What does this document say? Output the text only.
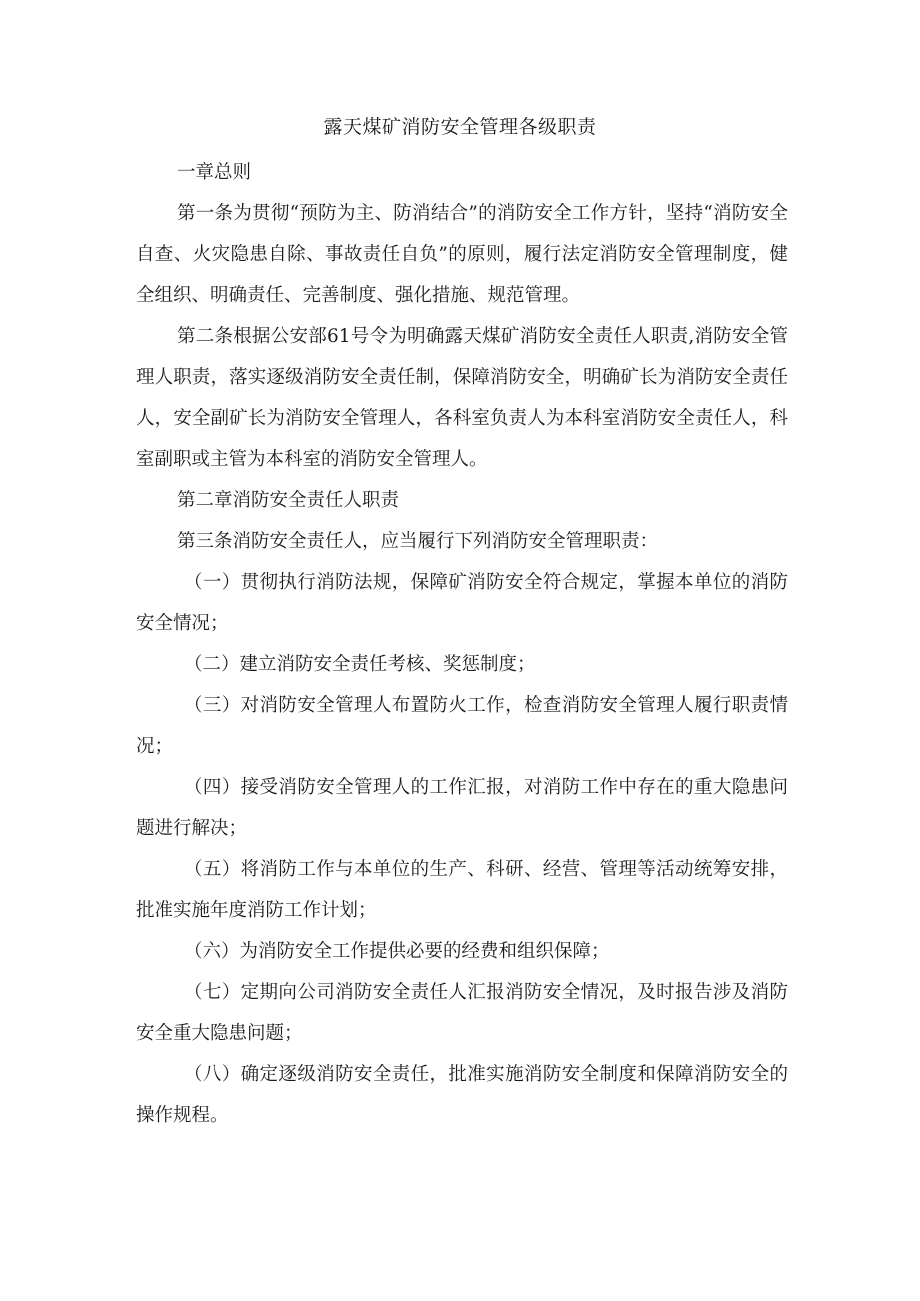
露天煤矿消防安全管理各级职责

一章总则

第一条为贯彻“预防为主、防消结合”的消防安全工作方针，坚持“消防安全自查、火灾隐患自除、事故责任自负”的原则，履行法定消防安全管理制度，健全组织、明确责任、完善制度、强化措施、规范管理。

第二条根据公安部61号令为明确露天煤矿消防安全责任人职责,消防安全管理人职责，落实逐级消防安全责任制，保障消防安全，明确矿长为消防安全责任人，安全副矿长为消防安全管理人，各科室负责人为本科室消防安全责任人，科室副职或主管为本科室的消防安全管理人。

第二章消防安全责任人职责

第三条消防安全责任人，应当履行下列消防安全管理职责：

（一）贯彻执行消防法规，保障矿消防安全符合规定，掌握本单位的消防安全情况；

（二）建立消防安全责任考核、奖惩制度；

（三）对消防安全管理人布置防火工作，检查消防安全管理人履行职责情况；

（四）接受消防安全管理人的工作汇报，对消防工作中存在的重大隐患问题进行解决；

（五）将消防工作与本单位的生产、科研、经营、管理等活动统筹安排，批准实施年度消防工作计划；

（六）为消防安全工作提供必要的经费和组织保障；

（七）定期向公司消防安全责任人汇报消防安全情况，及时报告涉及消防安全重大隐患问题；

（八）确定逐级消防安全责任，批准实施消防安全制度和保障消防安全的操作规程。
